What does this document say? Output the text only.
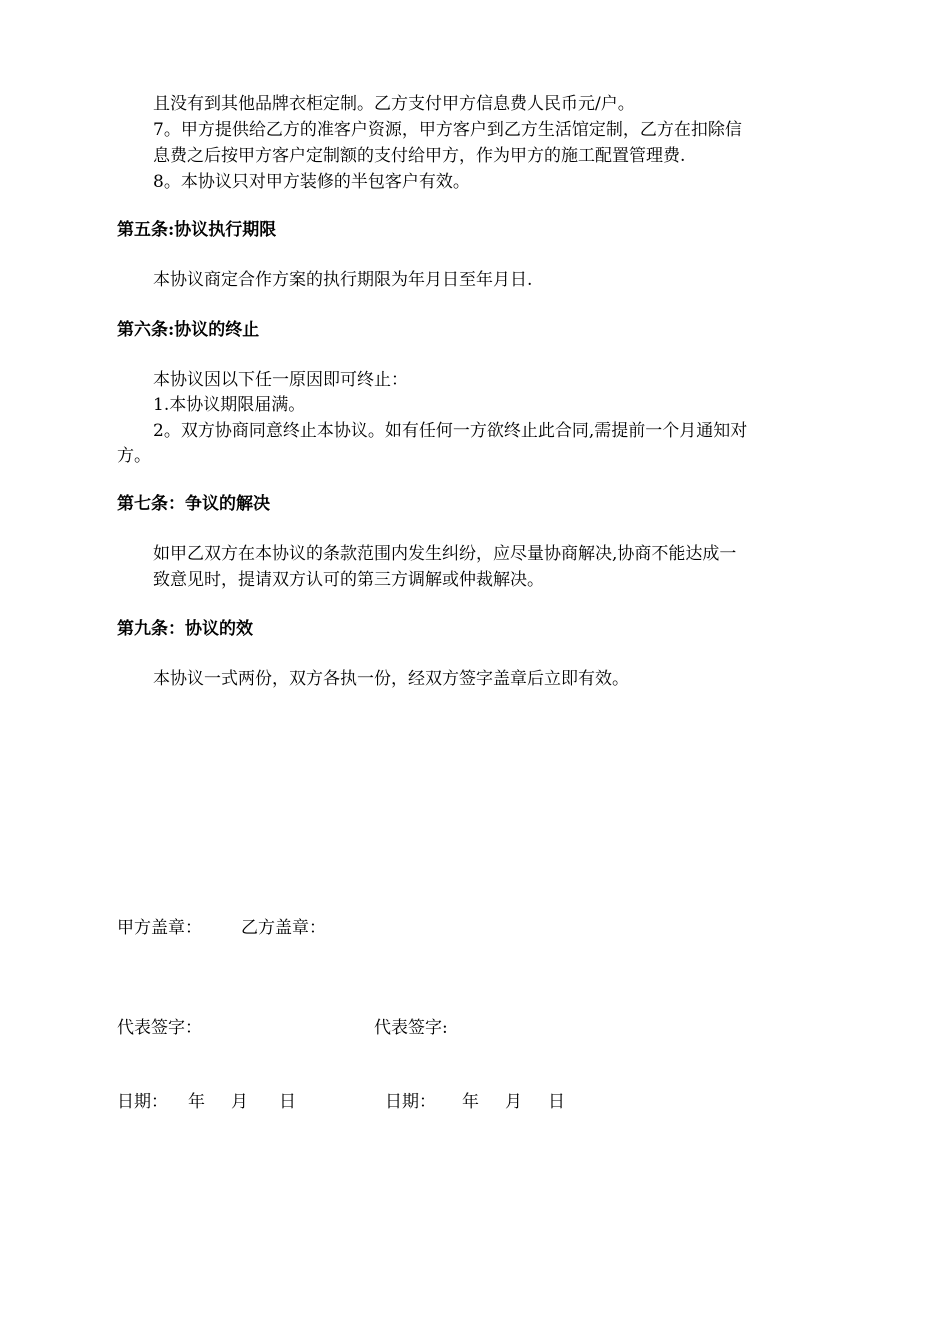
且没有到其他品牌衣柜定制。乙方支付甲方信息费人民币元/户。
7。甲方提供给乙方的准客户资源，甲方客户到乙方生活馆定制，乙方在扣除信
息费之后按甲方客户定制额的支付给甲方，作为甲方的施工配置管理费.
8。本协议只对甲方装修的半包客户有效。
第五条:协议执行期限
本协议商定合作方案的执行期限为年月日至年月日.
第六条:协议的终止
本协议因以下任一原因即可终止：
1.本协议期限届满。
2。双方协商同意终止本协议。如有任何一方欲终止此合同,需提前一个月通知对
方。
第七条：争议的解决
如甲乙双方在本协议的条款范围内发生纠纷，应尽量协商解决,协商不能达成一
致意见时，提请双方认可的第三方调解或仲裁解决。
第九条：协议的效
本协议一式两份，双方各执一份，经双方签字盖章后立即有效。
甲方盖章： 乙方盖章：
代表签字：	代表签字:
日期： 年 月 日	日期： 年 月 日
